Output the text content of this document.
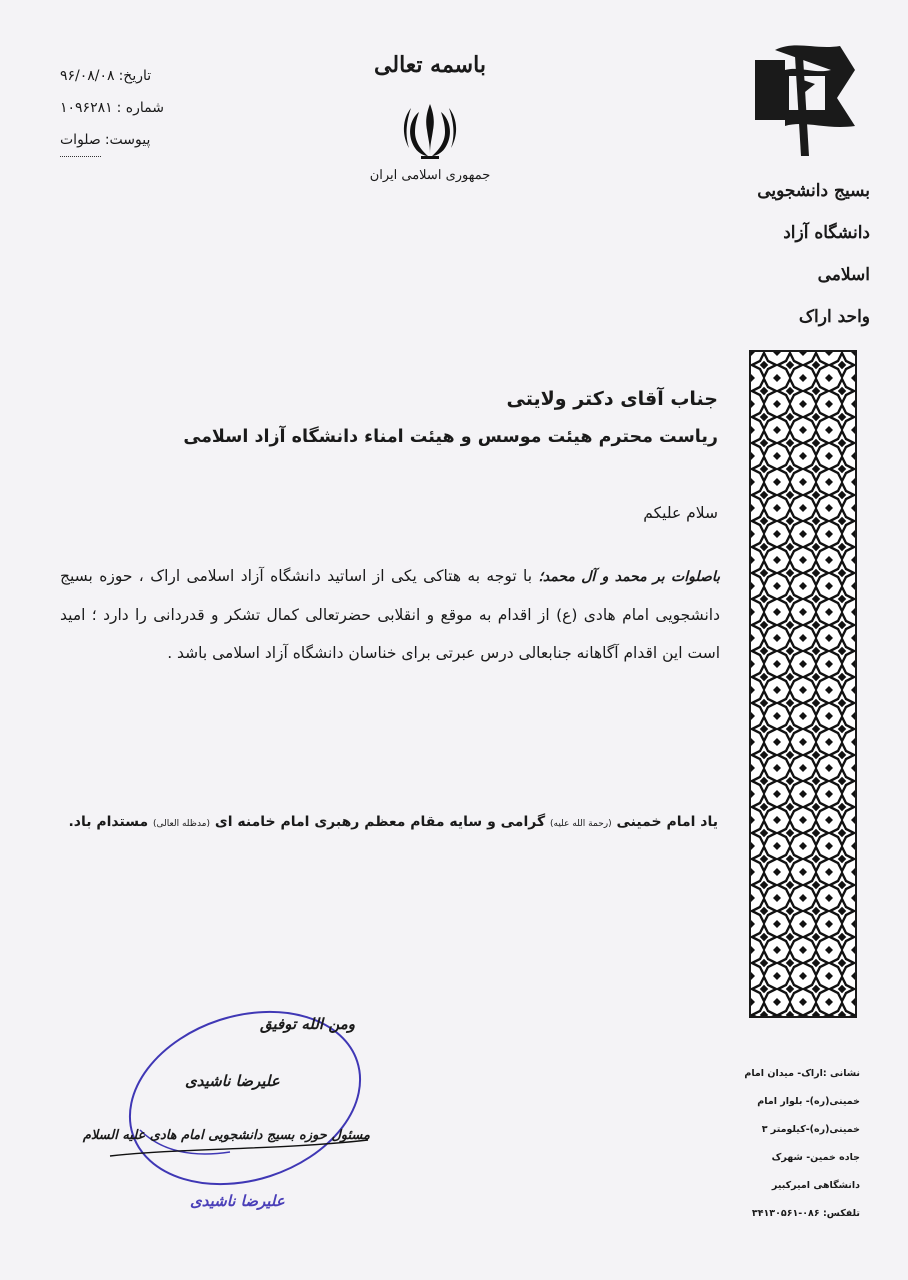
تاریخ:
۹۶/۰۸/۰۸
شماره :
۱۰۹۶۲۸۱
پیوست:
صلوات
باسمه تعالی
جمهوری اسلامی ایران
بسیج دانشجویی
دانشگاه آزاد اسلامی
واحد اراک
نشانی :اراک- میدان امام
خمینی(ره)- بلوار امام
خمینی(ره)-کیلومتر ۳
جاده خمین- شهرک
دانشگاهی امیرکبیر
تلفکس: ۰۸۶-۳۴۱۳۰۵۶۱
جناب آقای دکتر ولایتی
ریاست محترم هیئت موسس و هیئت امناء دانشگاه آزاد اسلامی
سلام علیکم
باصلوات بر محمد و آل محمد؛ با توجه به هتاکی یکی از اساتید دانشگاه آزاد اسلامی اراک ، حوزه بسیج دانشجویی امام هادی (ع) از اقدام به موقع و انقلابی حضرتعالی کمال تشکر و قدردانی را دارد ؛ امید است این اقدام آگاهانه جنابعالی درس عبرتی برای خناسان دانشگاه آزاد اسلامی باشد .
یاد امام خمینی (رحمة الله علیه) گرامی و سایه مقام معظم رهبری امام خامنه ای (مدظله العالی) مستدام باد.
ومن الله توفیق
علیرضا ناشیدی
مسئول حوزه بسیج دانشجویی امام هادی علیه السلام
علیرضا ناشیدی
